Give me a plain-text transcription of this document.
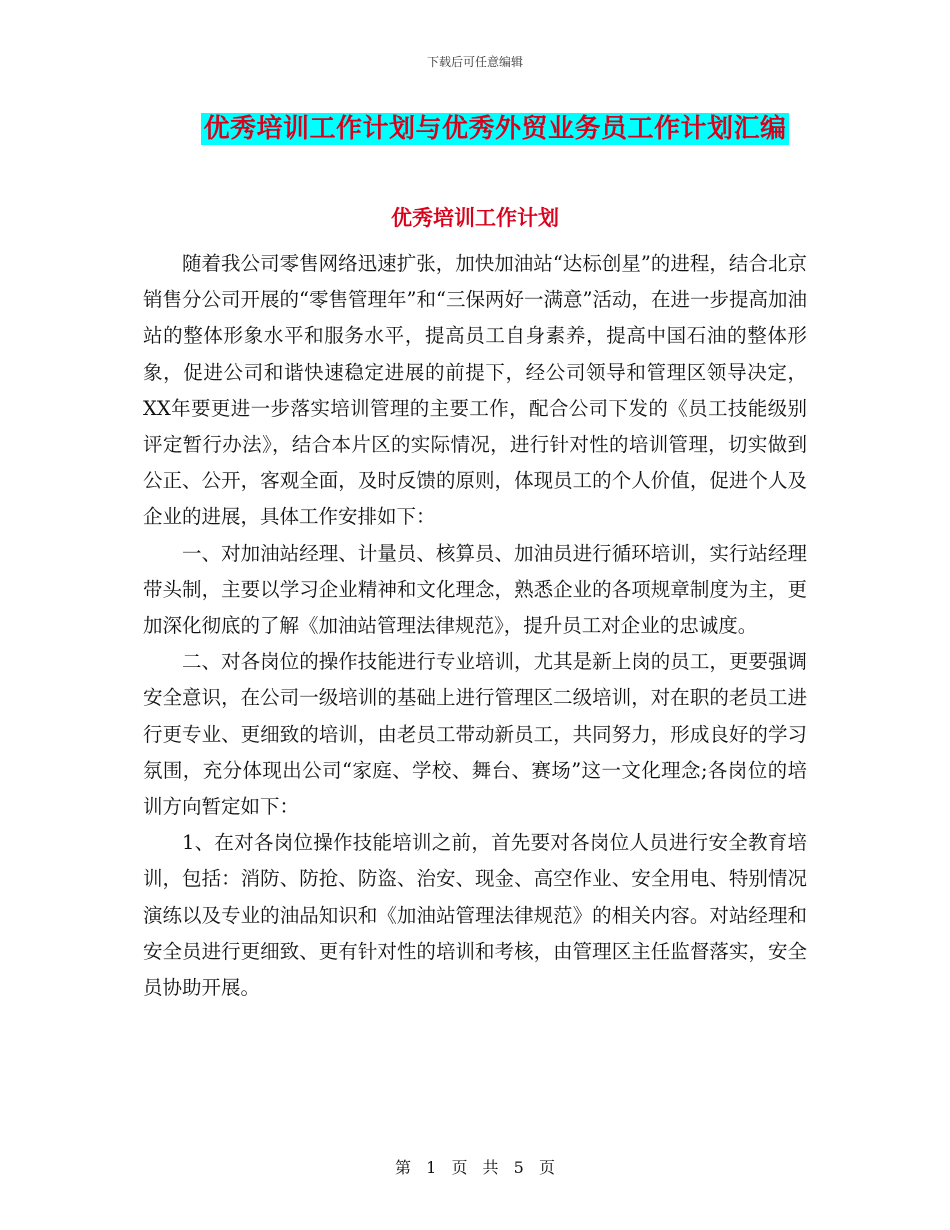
下载后可任意编辑
优秀培训工作计划与优秀外贸业务员工作计划汇编
优秀培训工作计划

随着我公司零售网络迅速扩张，加快加油站“达标创星”的进程，结合北京销售分公司开展的“零售管理年”和“三保两好一满意”活动，在进一步提高加油站的整体形象水平和服务水平，提高员工自身素养，提高中国石油的整体形象，促进公司和谐快速稳定进展的前提下，经公司领导和管理区领导决定，XX年要更进一步落实培训管理的主要工作，配合公司下发的《员工技能级别评定暂行办法》，结合本片区的实际情况，进行针对性的培训管理，切实做到公正、公开，客观全面，及时反馈的原则，体现员工的个人价值，促进个人及企业的进展，具体工作安排如下：

一、对加油站经理、计量员、核算员、加油员进行循环培训，实行站经理带头制，主要以学习企业精神和文化理念，熟悉企业的各项规章制度为主，更加深化彻底的了解《加油站管理法律规范》，提升员工对企业的忠诚度。

二、对各岗位的操作技能进行专业培训，尤其是新上岗的员工，更要强调安全意识，在公司一级培训的基础上进行管理区二级培训，对在职的老员工进行更专业、更细致的培训，由老员工带动新员工，共同努力，形成良好的学习氛围，充分体现出公司“家庭、学校、舞台、赛场”这一文化理念;各岗位的培训方向暂定如下：

1、在对各岗位操作技能培训之前，首先要对各岗位人员进行安全教育培训，包括：消防、防抢、防盗、治安、现金、高空作业、安全用电、特别情况演练以及专业的油品知识和《加油站管理法律规范》的相关内容。对站经理和安全员进行更细致、更有针对性的培训和考核，由管理区主任监督落实，安全员协助开展。

第 1 页 共 5 页
